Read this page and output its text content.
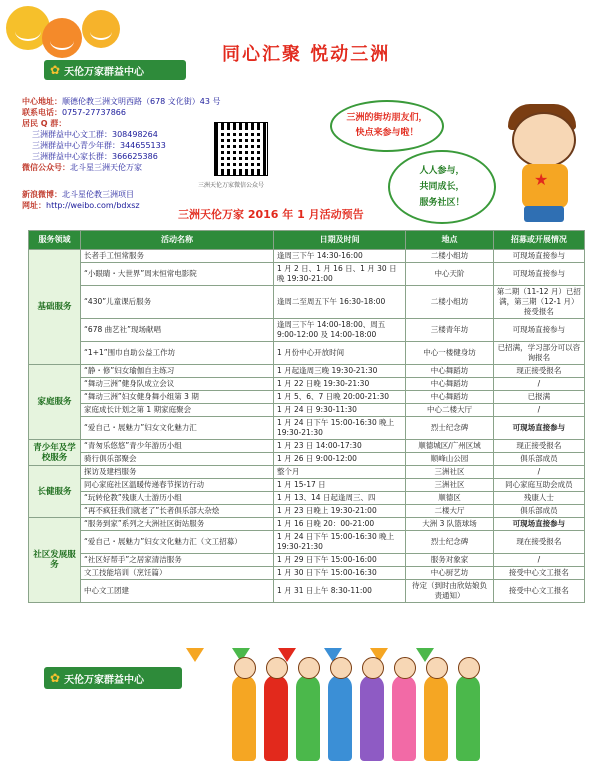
✿ 天伦万家群益中心
同心汇聚 悦动三洲
中心地址：顺德伦教三洲文明西路（678 文化街）43 号
联系电话：0757-27737866
居民 Q 群：
三洲群益中心文工群：308498264
三洲群益中心青少年群：344655133
三洲群益中心家长群：366625386
微信公众号：北斗星三洲天伦万家
新浪微博：北斗星伦教三洲项目
网址：http://weibo.com/bdxsz
三洲天伦万家微信公众号
三洲的街坊朋友们，
快点来参与啦！
人人参与，
共同成长，
服务社区！
★
三洲天伦万家 2016 年 1 月活动预告
服务领域	活动名称	日期及时间	地点	招募或开展情况
基础服务	长者手工恒常服务	逢周三下午 14:30-16:00	二楼小组坊	可现场直接参与
	“小眼睛・大世界”周末恒常电影院	1 月 2 日、1 月 16 日、1 月 30 日晚 19:30-21:00	中心天阶	可现场直接参与
	“430”儿童课后服务	逢周二至周五下午 16:30-18:00	二楼小组坊	第二期（11-12 月）已招满，第三期（12-1 月）接受报名
	“678 曲艺社”现场献唱	逢周三下午 14:00-18:00、周五 9:00-12:00 及 14:00-18:00	三楼青年坊	可现场直接参与
	“1+1”围巾自助公益工作坊	1 月份中心开放时间	中心一楼健身坊	已招满，学习部分可以咨询报名
家庭服务	“静・修”妇女瑜伽自主练习	1 月起逢周三晚 19:30-21:30	中心舞蹈坊	现正接受报名
	“舞动三洲”健身队成立会议	1 月 22 日晚 19:30-21:30	中心舞蹈坊	/
	“舞动三洲”妇女健身舞小组第 3 期	1 月 5、6、7 日晚 20:00-21:30	中心舞蹈坊	已报满
	家庭成长计划之第 1 期家庭聚会	1 月 24 日 9:30-11:30	中心二楼大厅	/
	“爱自己・展魅力”妇女文化魅力汇	1 月 24 日下午 15:00-16:30 晚上 19:30-21:30	烈士纪念碑	可现场直接参与
青少年及学校服务	“青匆乐悠悠”青少年游历小组	1 月 23 日 14:00-17:30	顺德城区/广州区域	现正接受报名
	骑行俱乐部聚会	1 月 26 日 9:00-12:00	顺峰山公园	俱乐部成员
长健服务	探访及建档服务	整个月	三洲社区	/
	同心家庭社区温暖传递春节探访行动	1 月 15-17 日	三洲社区	同心家庭互助会成员
	“玩转伦教”残康人士游历小组	1 月 13、14 日起逢周三、四	顺德区	残康人士
	“再不疯狂我们就老了”长者俱乐部大杂烩	1 月 23 日晚上 19:30-21:00	二楼大厅	俱乐部成员
社区发展服务	“服务到家”系列之大洲社区街站服务	1 月 16 日晚 20：00-21:00	大洲 3 队篮球场	可现场直接参与
	“爱自己・展魅力”妇女文化魅力汇（文工招募）	1 月 24 日下午 15:00-16:30 晚上 19:30-21:30	烈士纪念碑	现在接受报名
	“社区好帮手”之居家清洁服务	1 月 29 日下午 15:00-16:00	服务对象家	/
	文工技能培训（烹饪篇）	1 月 30 日下午 15:00-16:30	中心厨艺坊	接受中心文工报名
	中心文工团建	1 月 31 日上午 8:30-11:00	待定（到时由欣姑娘负责通知）	接受中心文工报名
✿ 天伦万家群益中心
